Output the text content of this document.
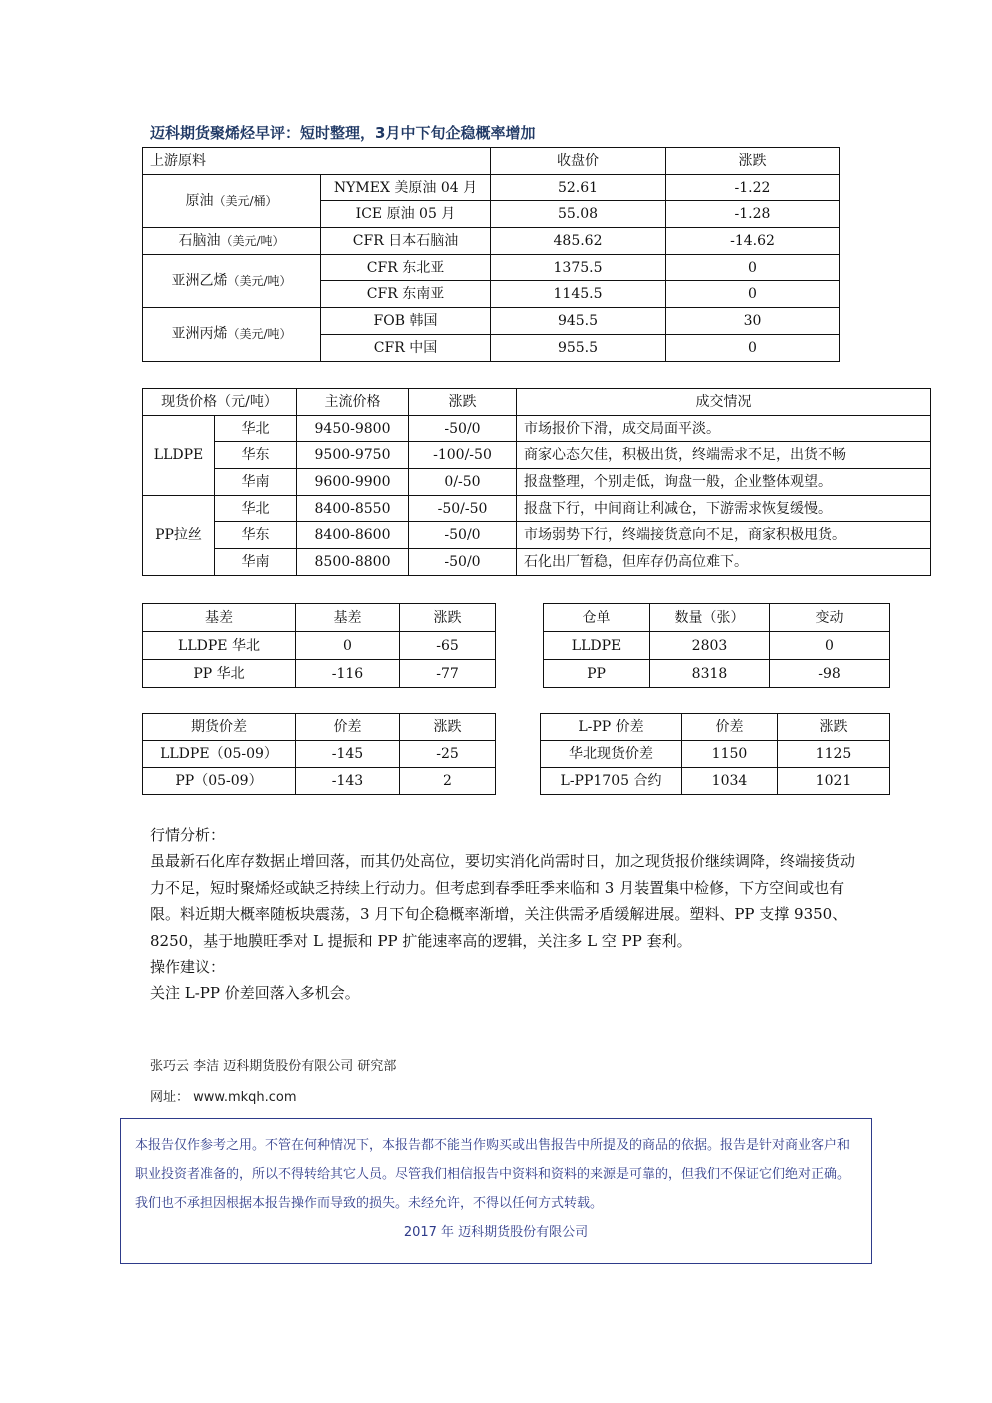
迈科期货聚烯烃早评：短时整理，3月中下旬企稳概率增加
上游原料		收盘价	涨跌
原油（美元/桶）	NYMEX 美原油 04 月	52.61	-1.22
	ICE 原油 05 月	55.08	-1.28
石脑油（美元/吨）	CFR 日本石脑油	485.62	-14.62
亚洲乙烯（美元/吨）	CFR 东北亚	1375.5	0
	CFR 东南亚	1145.5	0
亚洲丙烯（美元/吨）	FOB 韩国	945.5	30
	CFR 中国	955.5	0
现货价格（元/吨）		主流价格	涨跌	成交情况
LLDPE	华北	9450-9800	-50/0	市场报价下滑，成交局面平淡。
	华东	9500-9750	-100/-50	商家心态欠佳，积极出货，终端需求不足，出货不畅
	华南	9600-9900	0/-50	报盘整理，个别走低，询盘一般，企业整体观望。
PP拉丝	华北	8400-8550	-50/-50	报盘下行，中间商让利减仓，下游需求恢复缓慢。
	华东	8400-8600	-50/0	市场弱势下行，终端接货意向不足，商家积极甩货。
	华南	8500-8800	-50/0	石化出厂暂稳，但库存仍高位难下。
基差	基差	涨跌
LLDPE 华北	0	-65
PP 华北	-116	-77
仓单	数量（张）	变动
LLDPE	2803	0
PP	8318	-98
期货价差	价差	涨跌
LLDPE（05-09）	-145	-25
PP（05-09）	-143	2
L-PP 价差	价差	涨跌
华北现货价差	1150	1125
L-PP1705 合约	1034	1021

行情分析：

虽最新石化库存数据止增回落，而其仍处高位，要切实消化尚需时日，加之现货报价继续调降，终端接货动力不足，短时聚烯烃或缺乏持续上行动力。但考虑到春季旺季来临和 3 月装置集中检修，下方空间或也有限。料近期大概率随板块震荡，3 月下旬企稳概率渐增，关注供需矛盾缓解进展。塑料、PP 支撑 9350、8250，基于地膜旺季对 L 提振和 PP 扩能速率高的逻辑，关注多 L 空 PP 套利。

操作建议：

关注 L-PP 价差回落入多机会。

张巧云 李洁 迈科期货股份有限公司 研究部
网址： www.mkqh.com

本报告仅作参考之用。不管在何种情况下，本报告都不能当作购买或出售报告中所提及的商品的依据。报告是针对商业客户和职业投资者准备的，所以不得转给其它人员。尽管我们相信报告中资料和资料的来源是可靠的，但我们不保证它们绝对正确。我们也不承担因根据本报告操作而导致的损失。未经允许，不得以任何方式转载。

2017 年 迈科期货股份有限公司
